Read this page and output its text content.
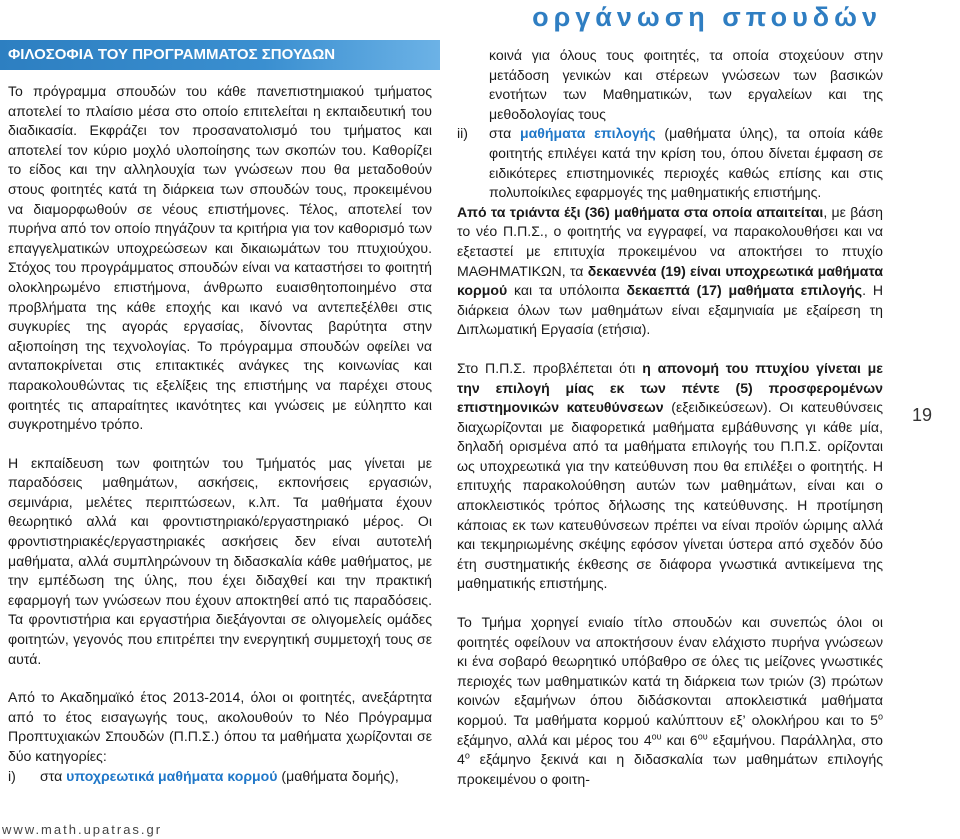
οργάνωση σπουδών
ΦΙΛΟΣΟΦΙΑ ΤΟΥ ΠΡΟΓΡΑΜΜΑΤΟΣ ΣΠΟΥΔΩΝ

Το πρόγραμμα σπουδών του κάθε πανεπιστημιακού τμήματος αποτελεί το πλαίσιο μέσα στο οποίο επιτελείται η εκπαιδευτική του διαδικασία. Εκφράζει τον προσανατολισμό του τμήματος και αποτελεί τον κύριο μοχλό υλοποίησης των σκοπών του. Καθορίζει το είδος και την αλληλουχία των γνώσεων που θα μεταδοθούν στους φοιτητές κατά τη διάρκεια των σπουδών τους, προκειμένου να διαμορφωθούν σε νέους επιστήμονες. Τέλος, αποτελεί τον πυρήνα από τον οποίο πηγάζουν τα κριτήρια για τον καθορισμό των επαγγελματικών υποχρεώσεων και δικαιωμάτων του πτυχιούχου. Στόχος του προγράμματος σπουδών είναι να καταστήσει το φοιτητή ολοκληρωμένο επιστήμονα, άνθρωπο ευαισθητοποιημένο στα προβλήματα της κάθε εποχής και ικανό να αντεπεξέλθει στις συγκυρίες της αγοράς εργασίας, δίνοντας βαρύτητα στην αξιοποίηση της τεχνολογίας. Το πρόγραμμα σπουδών οφείλει να ανταποκρίνεται στις επιτακτικές ανάγκες της κοινωνίας και παρακολουθώντας τις εξελίξεις της επιστήμης να παρέχει στους φοιτητές τις απαραίτητες ικανότητες και γνώσεις με εύληπτο και συγκροτημένο τρόπο.

Η εκπαίδευση των φοιτητών του Τμήματός μας γίνεται με παραδόσεις μαθημάτων, ασκήσεις, εκπονήσεις εργασιών, σεμινάρια, μελέτες περιπτώσεων, κ.λπ. Τα μαθήματα έχουν θεωρητικό αλλά και φροντιστηριακό/εργαστηριακό μέρος. Οι φροντιστηριακές/εργαστηριακές ασκήσεις δεν είναι αυτοτελή μαθήματα, αλλά συμπληρώνουν τη διδασκαλία κάθε μαθήματος, με την εμπέδωση της ύλης, που έχει διδαχθεί και την πρακτική εφαρμογή των γνώσεων που έχουν αποκτηθεί από τις παραδόσεις. Τα φροντιστήρια και εργαστήρια διεξάγονται σε ολιγομελείς ομάδες φοιτητών, γεγονός που επιτρέπει την ενεργητική συμμετοχή τους σε αυτά.

Από το Ακαδημαϊκό έτος 2013-2014, όλοι οι φοιτητές, ανεξάρτητα από το έτος εισαγωγής τους, ακολουθούν το Νέο Πρόγραμμα Προπτυχιακών Σπουδών (Π.Π.Σ.) όπου τα μαθήματα χωρίζονται σε δύο κατηγορίες:

i)	στα υποχρεωτικά μαθήματα κορμού (μαθήματα δομής),

κοινά για όλους τους φοιτητές, τα οποία στοχεύουν στην μετάδοση γενικών και στέρεων γνώσεων των βασικών ενοτήτων των Μαθηματικών, των εργαλείων και της μεθοδολογίας τους

ii)	στα μαθήματα επιλογής (μαθήματα ύλης), τα οποία κάθε φοιτητής επιλέγει κατά την κρίση του, όπου δίνεται έμφαση σε ειδικότερες επιστημονικές περιοχές καθώς επίσης και στις πολυποίκιλες εφαρμογές της μαθηματικής επιστήμης.

Από τα τριάντα έξι (36) μαθήματα στα οποία απαιτείται, με βάση το νέο Π.Π.Σ., ο φοιτητής να εγγραφεί, να παρακολουθήσει και να εξεταστεί με επιτυχία προκειμένου να αποκτήσει το πτυχίο ΜΑΘΗΜΑΤΙΚΩΝ, τα δεκαεννέα (19) είναι υποχρεωτικά μαθήματα κορμού και τα υπόλοιπα δεκαεπτά (17) μαθήματα επιλογής. Η διάρκεια όλων των μαθημάτων είναι εξαμηνιαία με εξαίρεση τη Διπλωματική Εργασία (ετήσια).

Στο Π.Π.Σ. προβλέπεται ότι η απονομή του πτυχίου γίνεται με την επιλογή μίας εκ των πέντε (5) προσφερομένων επιστημονικών κατευθύνσεων (εξειδικεύσεων). Οι κατευθύνσεις διαχωρίζονται με διαφορετικά μαθήματα εμβάθυνσης γι κάθε μία, δηλαδή ορισμένα από τα μαθήματα επιλογής του Π.Π.Σ. ορίζονται ως υποχρεωτικά για την κατεύθυνση που θα επιλέξει ο φοιτητής. Η επιτυχής παρακολούθηση αυτών των μαθημάτων, είναι και ο αποκλειστικός τρόπος δήλωσης της κατεύθυνσης. Η προτίμηση κάποιας εκ των κατευθύνσεων πρέπει να είναι προϊόν ώριμης αλλά και τεκμηριωμένης σκέψης εφόσον γίνεται ύστερα από σχεδόν δύο έτη συστηματικής έκθεσης σε διάφορα γνωστικά αντικείμενα της μαθηματικής επιστήμης.

Το Τμήμα χορηγεί ενιαίο τίτλο σπουδών και συνεπώς όλοι οι φοιτητές οφείλουν να αποκτήσουν έναν ελάχιστο πυρήνα γνώσεων κι ένα σοβαρό θεωρητικό υπόβαθρο σε όλες τις μείζονες γνωστικές περιοχές των μαθηματικών κατά τη διάρκεια των τριών (3) πρώτων κοινών εξαμήνων όπου διδάσκονται αποκλειστικά μαθήματα κορμού. Τα μαθήματα κορμού καλύπτουν εξ’ ολοκλήρου και το $5^o$ εξάμηνο, αλλά και μέρος του $4^{o\upsilon}$ και $6^{o\upsilon}$ εξαμήνου. Παράλληλα, στο $4^o$ εξάμηνο ξεκινά και η διδασκαλία των μαθημάτων επιλογής προκειμένου ο φοιτη-

19
www.math.upatras.gr
